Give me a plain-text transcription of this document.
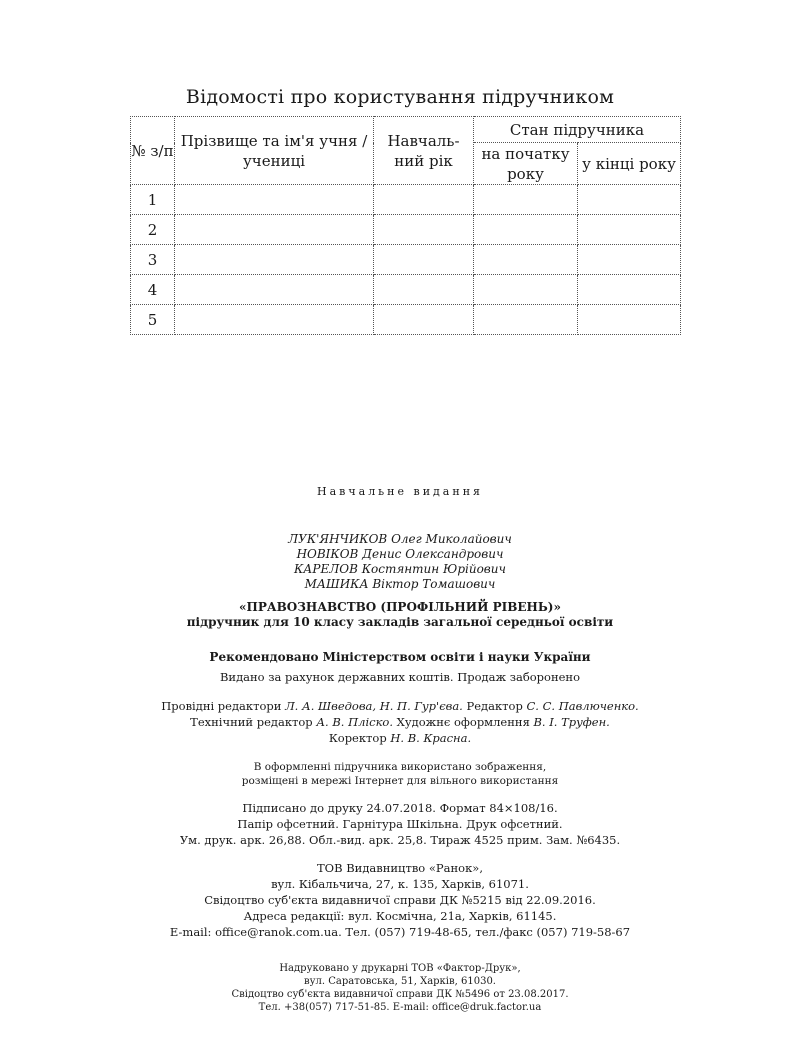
Відомості про користування підручником
№ з/п	Прізвище та ім'я учня / учениці	Навчаль-ний рік	Стан підручника	
			на початку року	у кінці року
1				
2				
3				
4				
5				
Навчальне видання
ЛУК'ЯНЧИКОВ Олег Миколайович
НОВІКОВ Денис Олександрович
КАРЕЛОВ Костянтин Юрійович
МАШИКА Віктор Томашович
«ПРАВОЗНАВСТВО (ПРОФІЛЬНИЙ РІВЕНЬ)»
підручник для 10 класу закладів загальної середньої освіти
Рекомендовано Міністерством освіти і науки України
Видано за рахунок державних коштів. Продаж заборонено
Провідні редактори Л. А. Шведова, Н. П. Гур'єва. Редактор С. С. Павлюченко.
Технічний редактор А. В. Пліско. Художнє оформлення В. І. Труфен.
Коректор Н. В. Красна.
В оформленні підручника використано зображення,
розміщені в мережі Інтернет для вільного використання
Підписано до друку 24.07.2018. Формат 84×108/16.
Папір офсетний. Гарнітура Шкільна. Друк офсетний.
Ум. друк. арк. 26,88. Обл.-вид. арк. 25,8. Тираж 4525 прим. Зам. №6435.
ТОВ Видавництво «Ранок»,
вул. Кібальчича, 27, к. 135, Харків, 61071.
Свідоцтво суб'єкта видавничої справи ДК №5215 від 22.09.2016.
Адреса редакції: вул. Космічна, 21а, Харків, 61145.
E-mail: office@ranok.com.ua. Тел. (057) 719-48-65, тел./факс (057) 719-58-67
Надруковано у друкарні ТОВ «Фактор-Друк»,
вул. Саратовська, 51, Харків, 61030.
Свідоцтво суб'єкта видавничої справи ДК №5496 от 23.08.2017.
Тел. +38(057) 717-51-85. E-mail: office@druk.factor.ua
